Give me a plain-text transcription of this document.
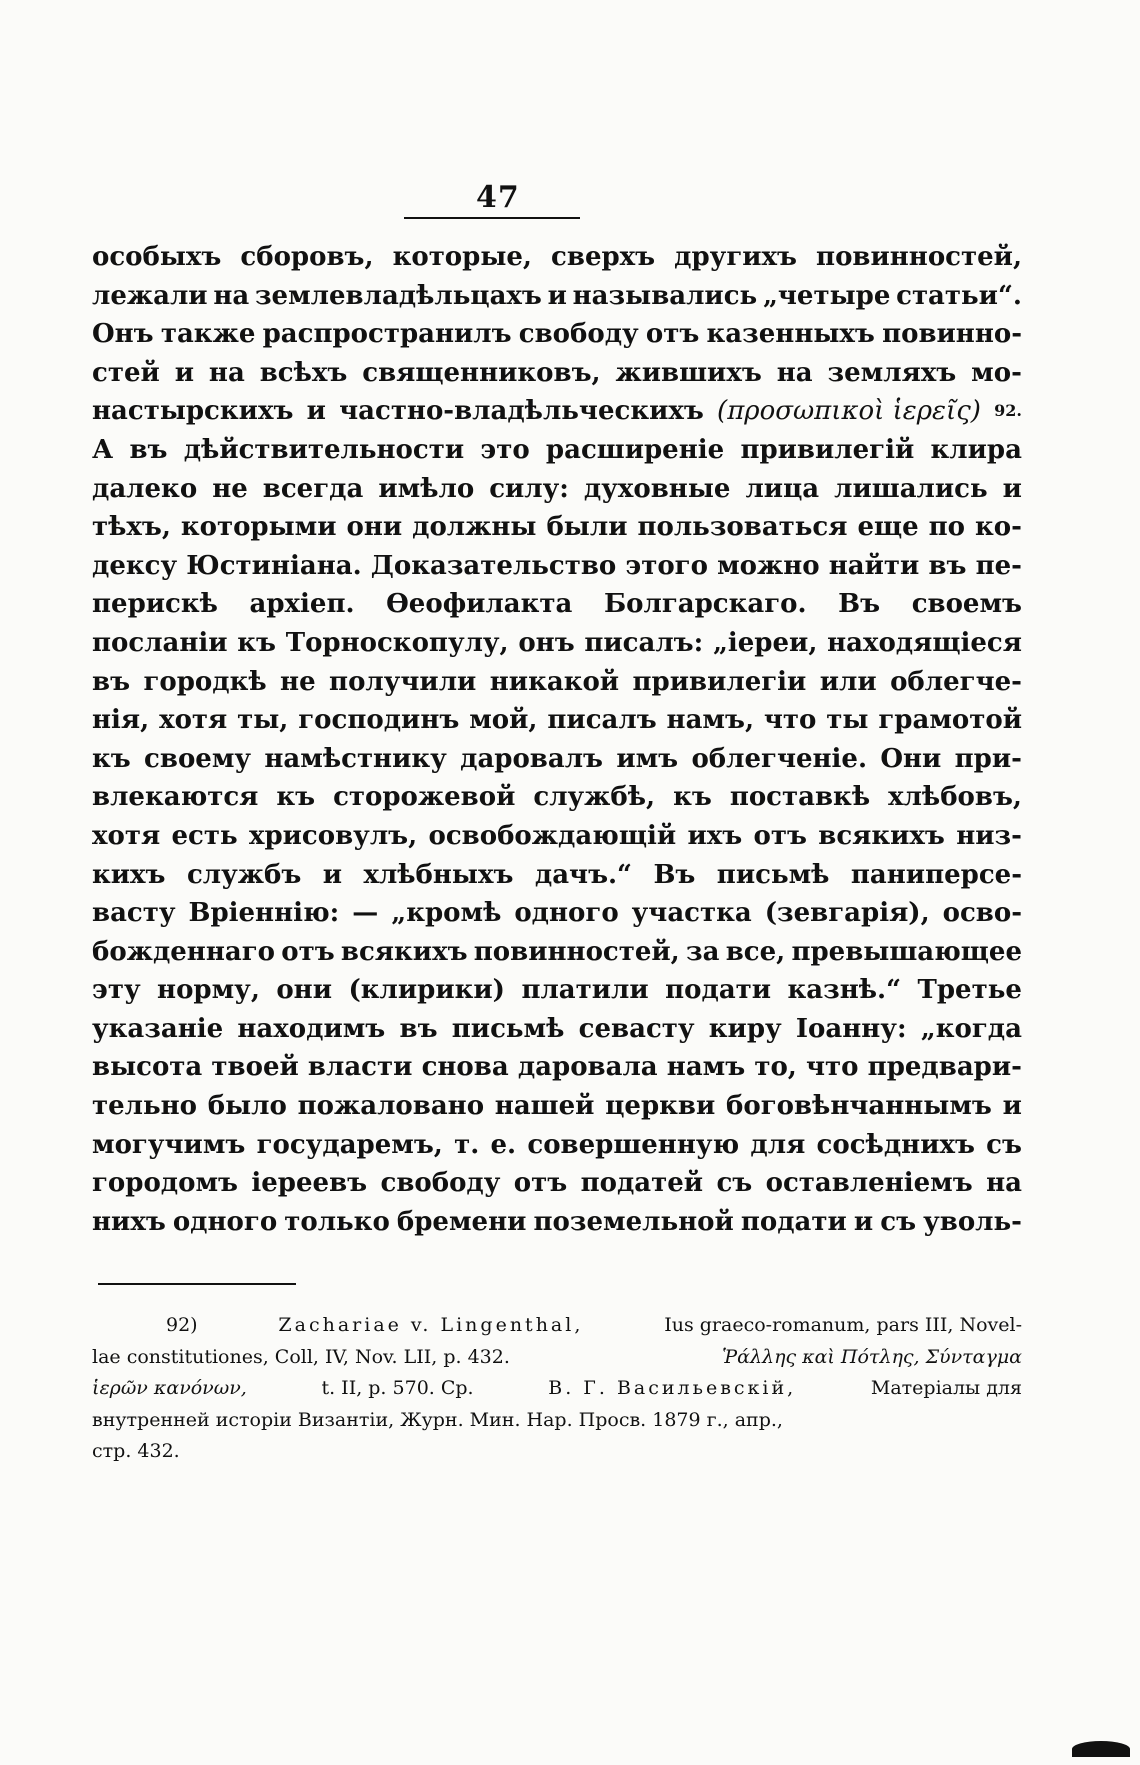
47
особыхъ сборовъ, которые, сверхъ другихъ повинностей,
лежали на землевладѣльцахъ и назывались „четыре статьи“.
Онъ также распространилъ свободу отъ казенныхъ повинно-
стей и на всѣхъ священниковъ, жившихъ на земляхъ мо-
настырскихъ и частно-владѣльческихъ (προσωπικοὶ ἱερεῖς) 92.
А въ дѣйствительности это расширеніе привилегій клира
далеко не всегда имѣло силу: духовные лица лишались и
тѣхъ, которыми они должны были пользоваться еще по ко-
дексу Юстиніана. Доказательство этого можно найти въ пе-
пepискѣ архіеп. Өеофилакта Болгарскаго. Въ своемъ
посланіи къ Торноскопулу, онъ писалъ: „іереи, находящіеся
въ городкѣ не получили никакой привилегіи или облегче-
нія, хотя ты, господинъ мой, писалъ намъ, что ты грамотой
къ своему намѣстнику даровалъ имъ облегченіе. Они при-
влекаются къ сторожевой службѣ, къ поставкѣ хлѣбовъ,
хотя есть хрисовулъ, освобождающій ихъ отъ всякихъ низ-
кихъ службъ и хлѣбныхъ дачъ.“ Въ письмѣ паниперсе-
васту Вріеннію: — „кромѣ одного участка (зевгарія), осво-
божденнаго отъ всякихъ повинностей, за все, превышающее
эту норму, они (клирики) платили подати казнѣ.“ Третье
указаніе находимъ въ письмѣ севасту киру Іоанну: „когда
высота твоей власти снова даровала намъ то, что предвари-
тельно было пожаловано нашей церкви боговѣнчаннымъ и
могучимъ государемъ, т. е. совершенную для сосѣднихъ съ
городомъ іереевъ свободу отъ податей съ оставленіемъ на
нихъ одного только бремени поземельной подати и съ уволь-
92)	Zachariae v. Lingenthal,	Ius graeco-romanum, pars III, Novel-
lae constitutiones, Coll, IV, Nov. LII, p. 432.	Ῥάλλης καὶ Πότλης, Σύνταγμα
ἱερῶν κανόνων,	t. II, p. 570. Ср.	В. Г. Васильевскій,	Матеріалы для
внутренней исторіи Византіи, Журн. Мин. Нар. Просв. 1879 г., апр.,
стр. 432.
